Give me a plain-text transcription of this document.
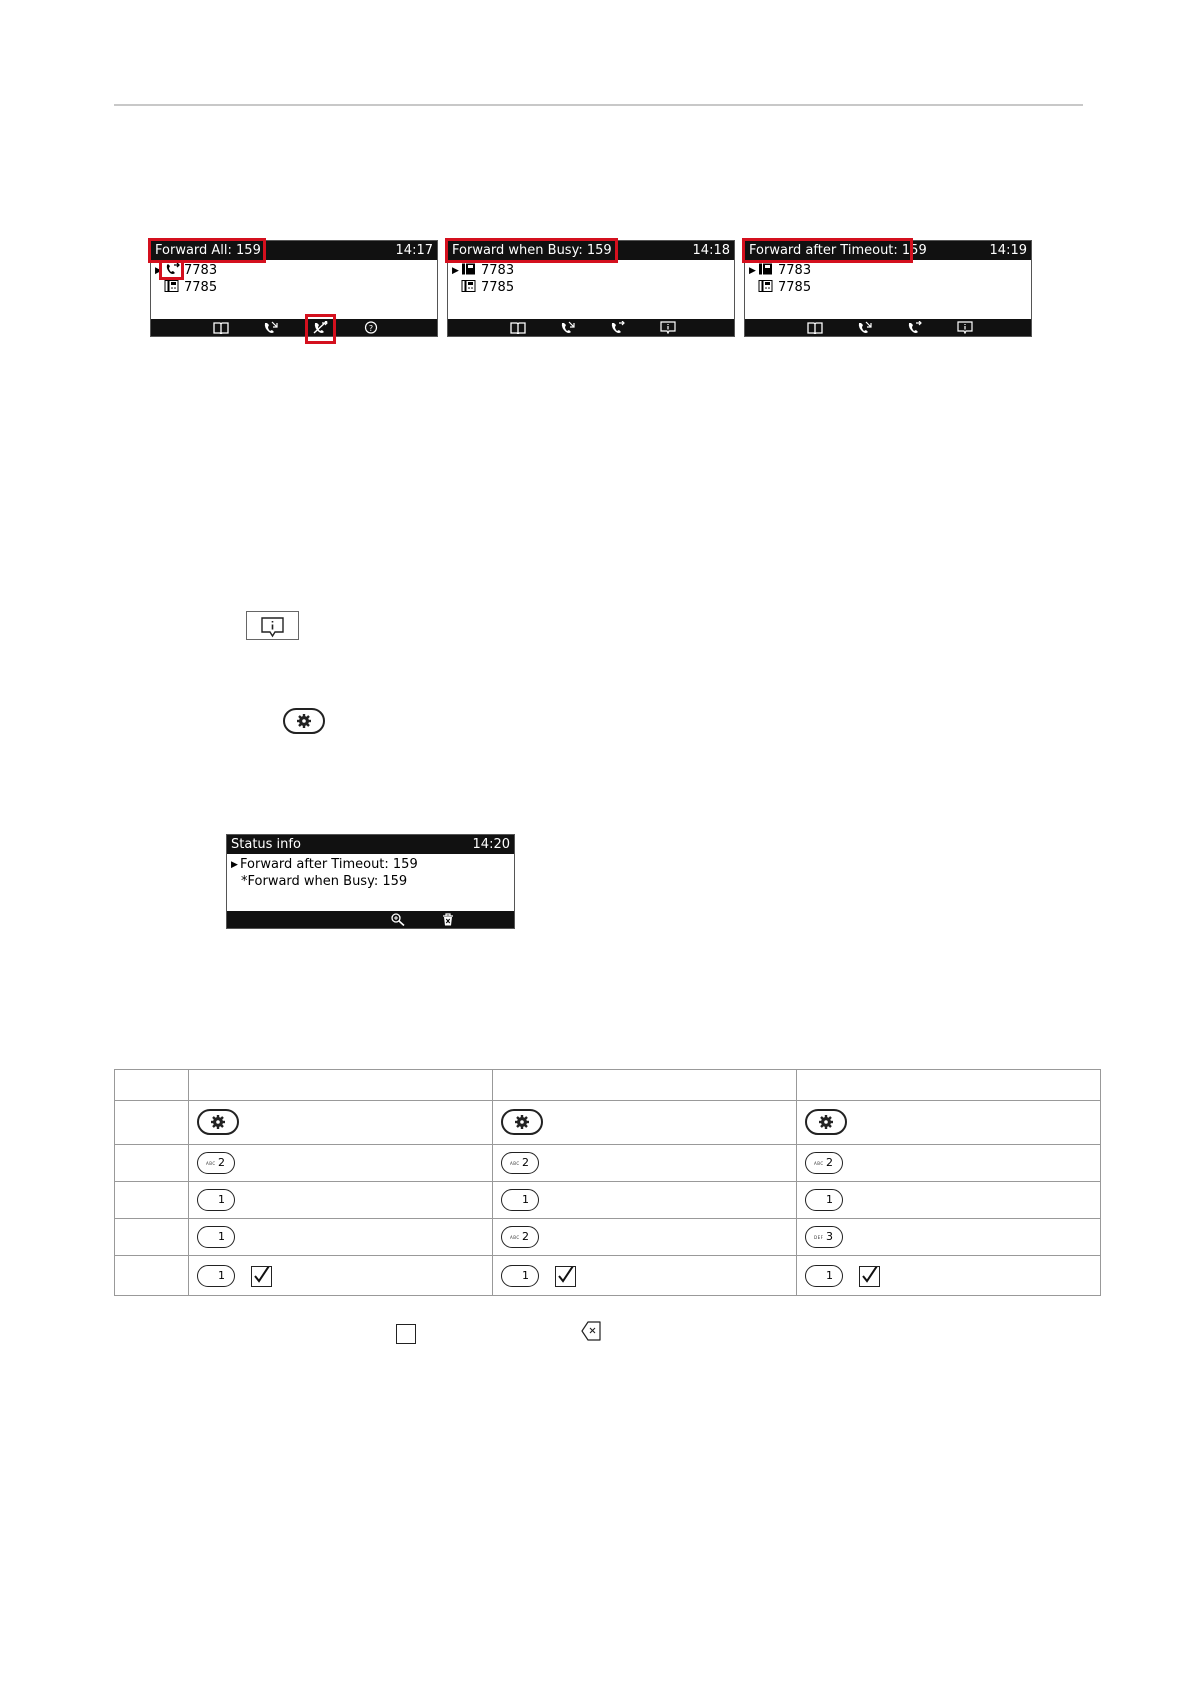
Forward All: 159	14:17
▶ 7783
7785
?
Forward when Busy: 159	14:18
▶ 7783
7785
Forward after Timeout: 159	14:19
▶ 7783
7785
Status info	14:20
▶ Forward after Timeout: 159
*Forward when Busy: 159

	ABC 2	ABC 2	ABC 2

	1	1	1

	1	ABC 2	DEF 3

	1	1	1
